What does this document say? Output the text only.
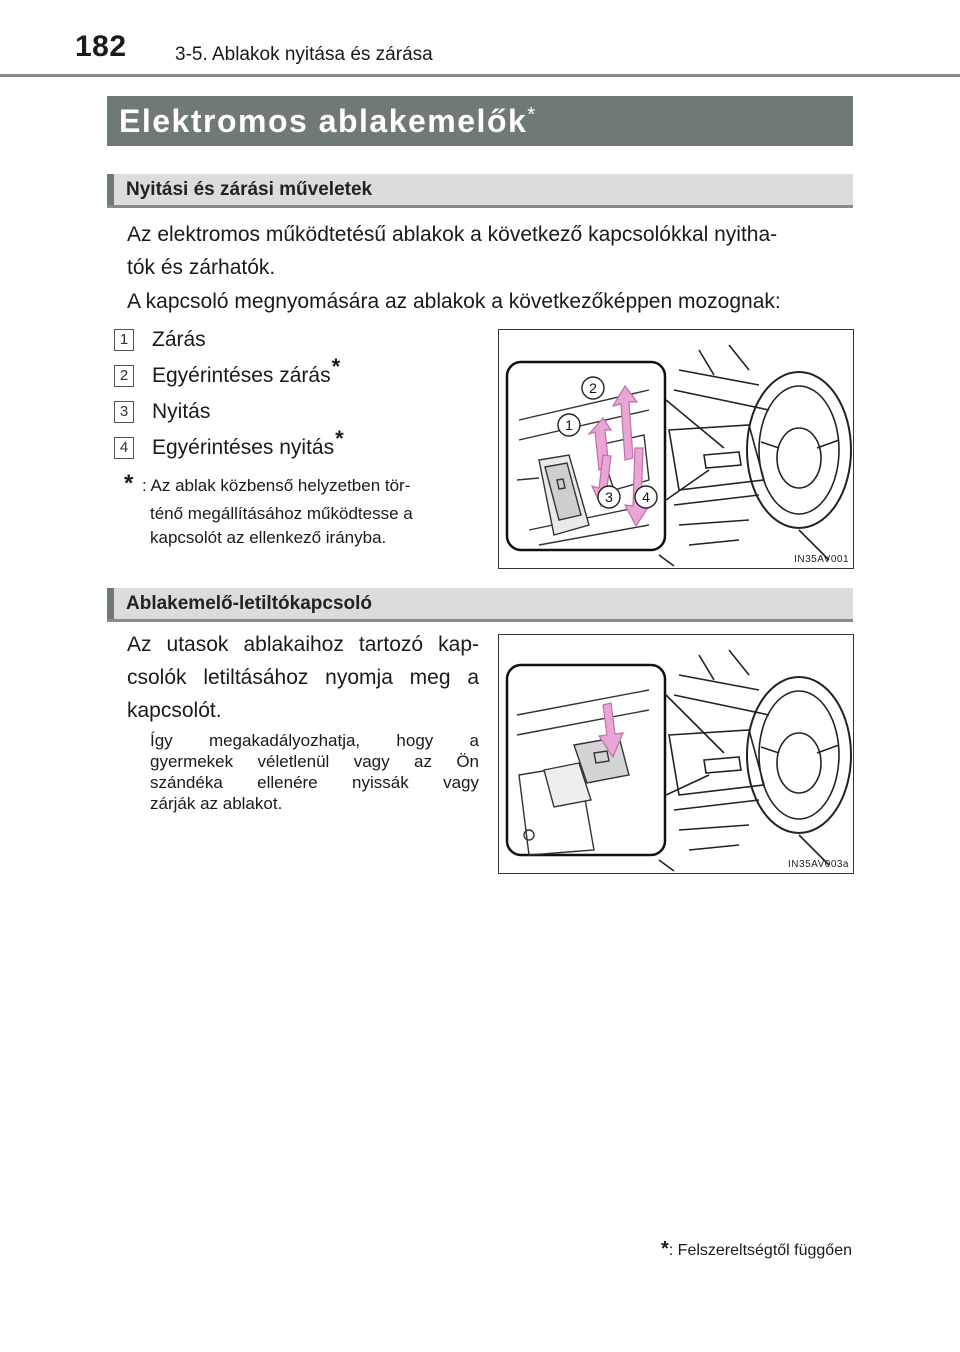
182	3-5. Ablakok nyitása és zárása
Elektromos ablakemelők*
Nyitási és zárási műveletek
Az elektromos működtetésű ablakok a következő kapcsolókkal nyitha-
tók és zárhatók.
A kapcsoló megnyomására az ablakok a következőképpen mozognak:
1 Zárás
2 Egyérintéses zárás*
3 Nyitás
4 Egyérintéses nyitás*
* : Az ablak közbenső helyzetben tör-
ténő megállításához működtesse a
kapcsolót az ellenkező irányba.
2
1
3 4
IN35AV001
Ablakemelő-letiltókapcsoló
Az utasok ablakaihoz tartozó kap-
csolók letiltásához nyomja meg a
kapcsolót.
Így megakadályozhatja, hogy a
gyermekek véletlenül vagy az Ön
szándéka ellenére nyissák vagy
zárják az ablakot.
IN35AV003a
*: Felszereltségtől függően
